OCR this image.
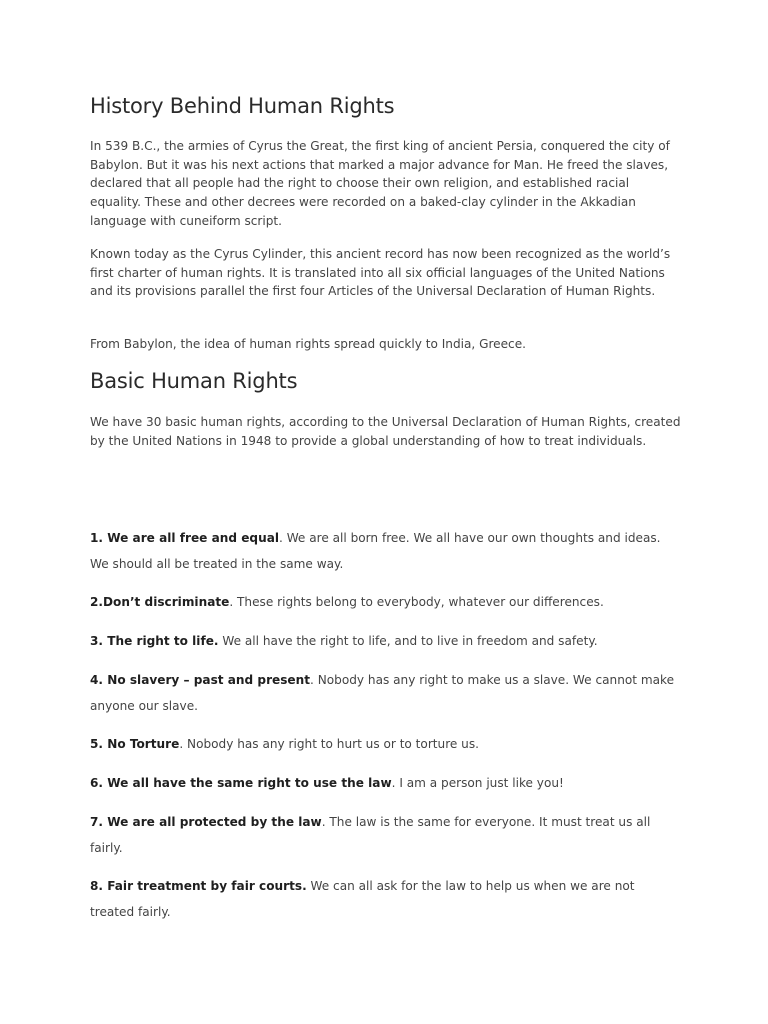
History Behind Human Rights

In 539 B.C., the armies of Cyrus the Great, the first king of ancient Persia, conquered the city of Babylon. But it was his next actions that marked a major advance for Man. He freed the slaves, declared that all people had the right to choose their own religion, and established racial equality. These and other decrees were recorded on a baked-clay cylinder in the Akkadian language with cuneiform script.

Known today as the Cyrus Cylinder, this ancient record has now been recognized as the world’s first charter of human rights. It is translated into all six official languages of the United Nations and its provisions parallel the first four Articles of the Universal Declaration of Human Rights.

From Babylon, the idea of human rights spread quickly to India, Greece.

Basic Human Rights

We have 30 basic human rights, according to the Universal Declaration of Human Rights, created by the United Nations in 1948 to provide a global understanding of how to treat individuals.

1. We are all free and equal. We are all born free. We all have our own thoughts and ideas. We should all be treated in the same way.

2.Don’t discriminate. These rights belong to everybody, whatever our differences.

3. The right to life. We all have the right to life, and to live in freedom and safety.

4. No slavery – past and present. Nobody has any right to make us a slave. We cannot make anyone our slave.

5. No Torture. Nobody has any right to hurt us or to torture us.

6. We all have the same right to use the law. I am a person just like you!

7. We are all protected by the law. The law is the same for everyone. It must treat us all fairly.

8. Fair treatment by fair courts. We can all ask for the law to help us when we are not treated fairly.
